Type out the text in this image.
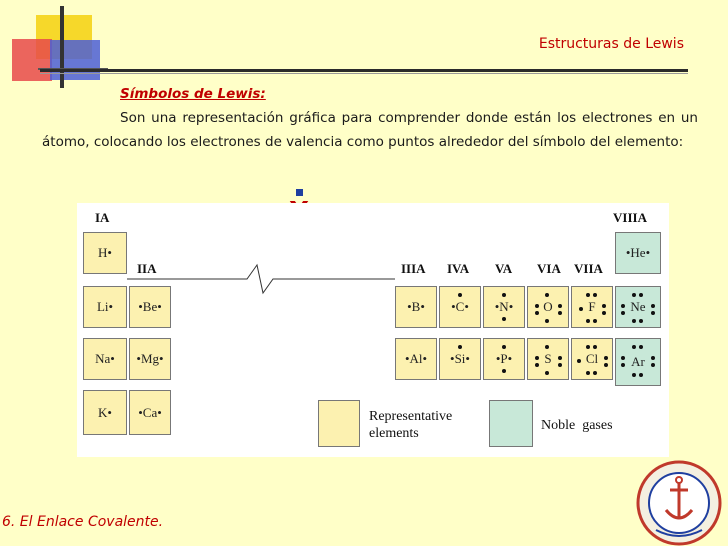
Estructuras de Lewis
Símbolos de Lewis:
Son una representación gráfica para comprender donde están los electrones en un átomo, colocando los electrones de valencia como puntos alrededor del símbolo del elemento:
IA	VIIIA
IIA	IIIA IVA VA VIA VIIA
H•
Li•
Na•
K•
•Be•
•Mg•
•Ca•
•B•
•Al•
•C•
•Si•
•N•
•P•
O
S
F
Cl
•He•
Ne
Ar
Representative elements
Noble  gases
6. El Enlace Covalente.
